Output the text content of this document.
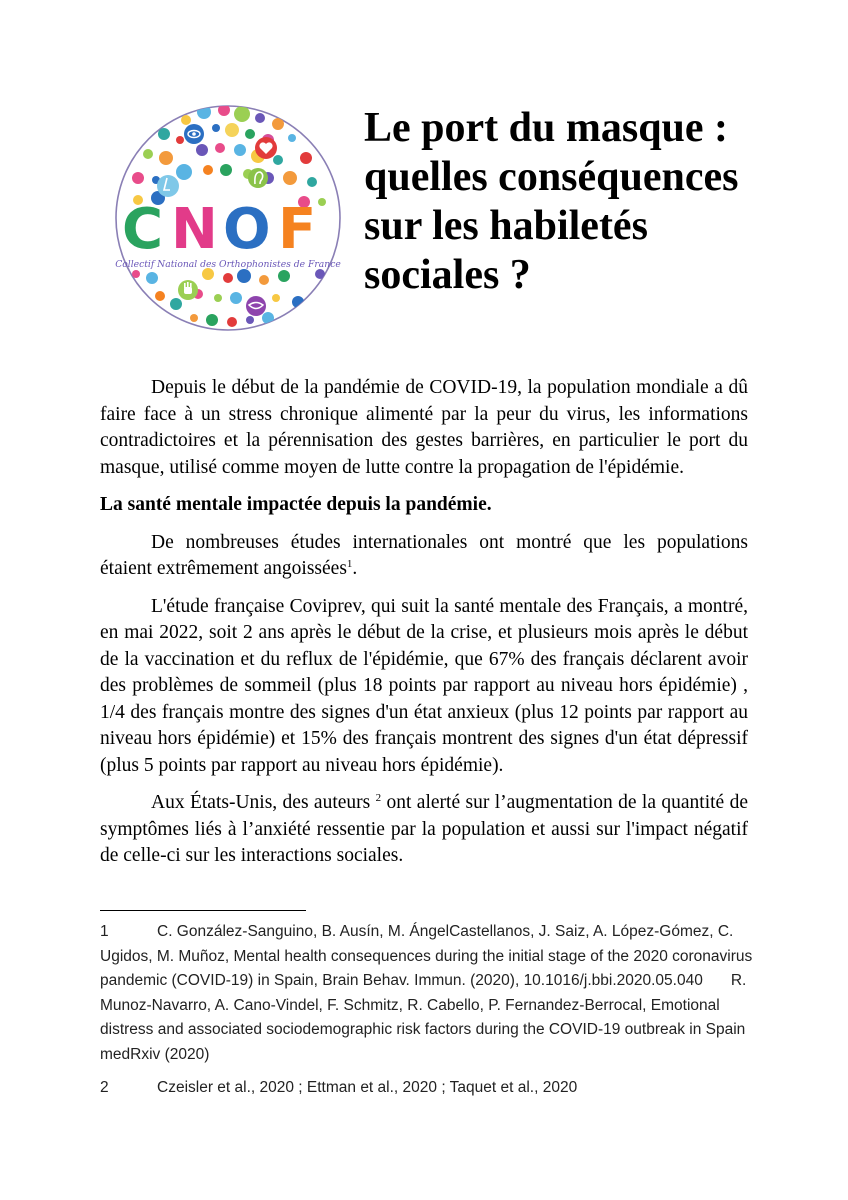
C N O F
Collectif National des Orthophonistes de France
Le port du masque :
quelles conséquences
sur les habiletés
sociales ?

Depuis le début de la pandémie de COVID-19, la population mondiale a dû faire face à un stress chronique alimenté par la peur du virus, les informations contradictoires et la pérennisation des gestes barrières, en particulier le port du masque, utilisé comme moyen de lutte contre la propagation de l'épidémie.

La santé mentale impactée depuis la pandémie.

De nombreuses études internationales ont montré que les populations étaient extrêmement angoissées$^1$.

L'étude française Coviprev, qui suit la santé mentale des Français, a montré, en mai 2022, soit 2 ans après le début de la crise, et plusieurs mois après le début de la vaccination et du reflux de l'épidémie, que 67% des français déclarent avoir des problèmes de sommeil (plus 18 points par rapport au niveau hors épidémie) , 1/4 des français montre des signes d'un état anxieux (plus 12 points par rapport au niveau hors épidémie) et 15% des français montrent des signes d'un état dépressif (plus 5 points par rapport au niveau hors épidémie).

Aux États-Unis, des auteurs $^2$ ont alerté sur l’augmentation de la quantité de symptômes liés à l’anxiété ressentie par la population et aussi sur l'impact négatif de celle-ci sur les interactions sociales.

1	C. González-Sanguino, B. Ausín, M. ÁngelCastellanos, J. Saiz, A. López-Gómez, C. Ugidos, M. Muñoz, Mental health consequences during the initial stage of the 2020 coronavirus pandemic (COVID-19) in Spain, Brain Behav. Immun. (2020), 10.1016/j.bbi.2020.05.040 R. Munoz-Navarro, A. Cano-Vindel, F. Schmitz, R. Cabello, P. Fernandez-Berrocal, Emotional distress and associated sociodemographic risk factors during the COVID-19 outbreak in Spain medRxiv (2020)
2	Czeisler et al., 2020 ; Ettman et al., 2020 ; Taquet et al., 2020
